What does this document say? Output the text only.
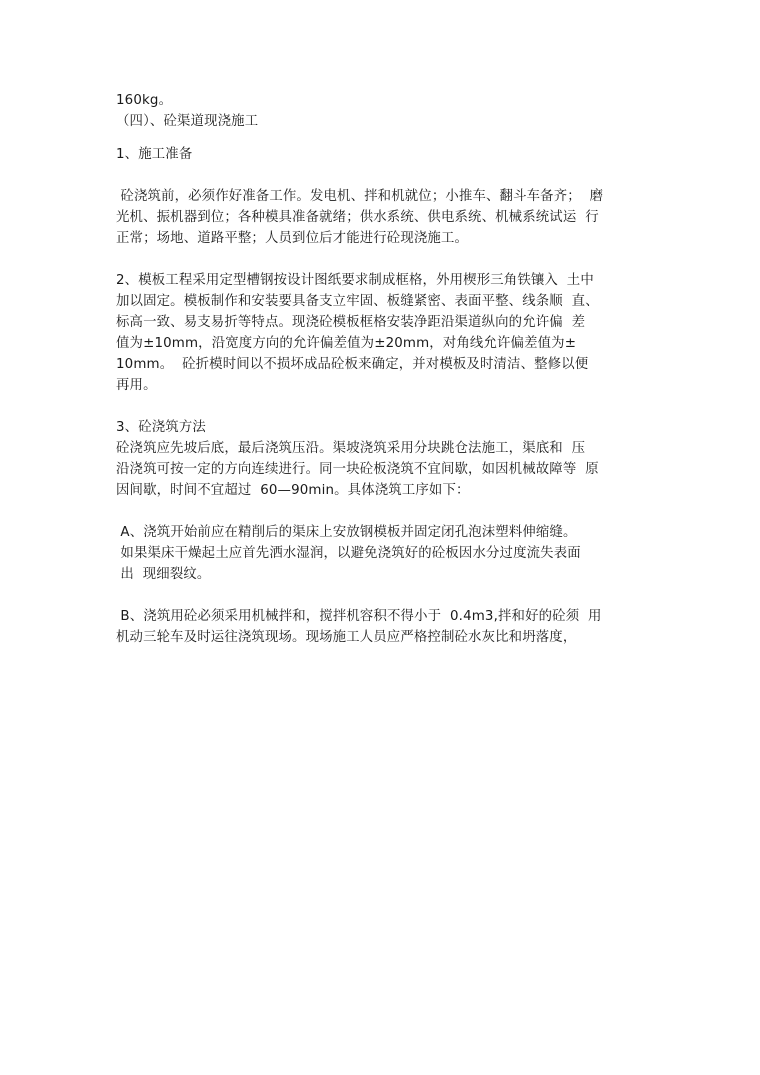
160kg。
（四）、砼渠道现浇施工
1、施工准备
砼浇筑前，必须作好准备工作。发电机、拌和机就位；小推车、翻斗车备齐；  磨
光机、振机器到位；各种模具准备就绪；供水系统、供电系统、机械系统试运  行
正常；场地、道路平整；人员到位后才能进行砼现浇施工。
2、模板工程采用定型槽钢按设计图纸要求制成框格，外用楔形三角铁镶入  土中
加以固定。模板制作和安装要具备支立牢固、板缝紧密、表面平整、线条顺  直、
标高一致、易支易折等特点。现浇砼模板框格安装净距沿渠道纵向的允许偏  差
值为±10mm，沿宽度方向的允许偏差值为±20mm，对角线允许偏差值为±
10mm。  砼折模时间以不损坏成品砼板来确定，并对模板及时清洁、整修以便
再用。
3、砼浇筑方法
砼浇筑应先坡后底，最后浇筑压沿。渠坡浇筑采用分块跳仓法施工，渠底和  压
沿浇筑可按一定的方向连续进行。同一块砼板浇筑不宜间歇，如因机械故障等  原
因间歇，时间不宜超过  60—90min。具体浇筑工序如下：
A、浇筑开始前应在精削后的渠床上安放钢模板并固定闭孔泡沫塑料伸缩缝。
如果渠床干燥起土应首先洒水湿润，以避免浇筑好的砼板因水分过度流失表面
出  现细裂纹。
B、浇筑用砼必须采用机械拌和，搅拌机容积不得小于  0.4m3,拌和好的砼须  用
机动三轮车及时运往浇筑现场。现场施工人员应严格控制砼水灰比和坍落度，
